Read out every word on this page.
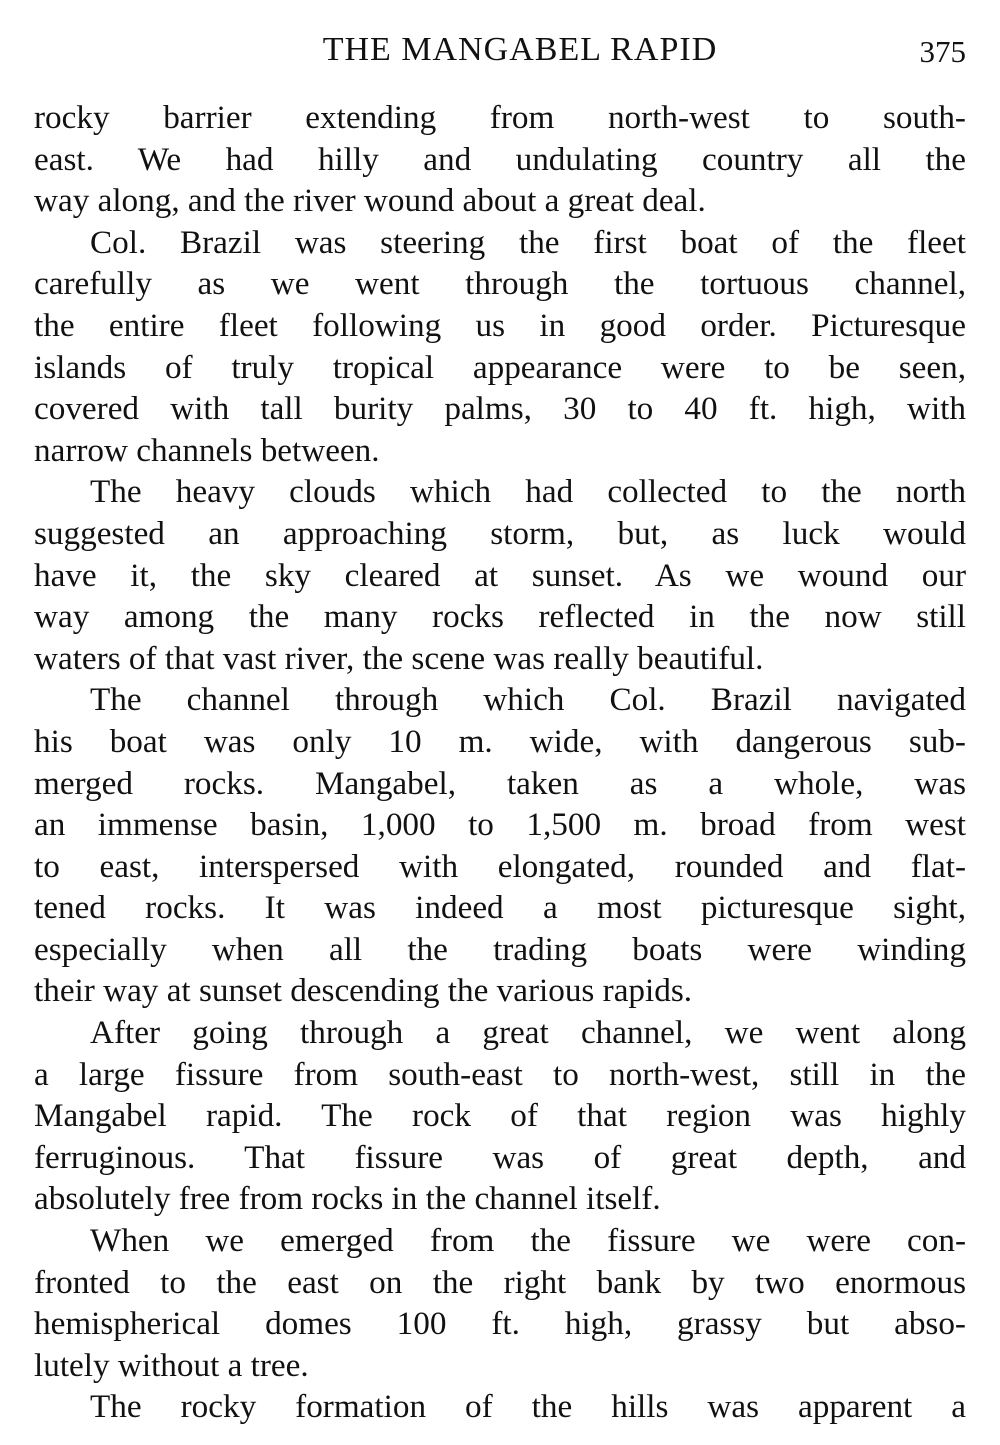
THE MANGABEL RAPID	375

rocky barrier extending from north-west to south-
east. We had hilly and undulating country all the
way along, and the river wound about a great deal.

Col. Brazil was steering the first boat of the fleet
carefully as we went through the tortuous channel,
the entire fleet following us in good order. Picturesque
islands of truly tropical appearance were to be seen,
covered with tall burity palms, 30 to 40 ft. high, with
narrow channels between.

The heavy clouds which had collected to the north
suggested an approaching storm, but, as luck would
have it, the sky cleared at sunset. As we wound our
way among the many rocks reflected in the now still
waters of that vast river, the scene was really beautiful.

The channel through which Col. Brazil navigated
his boat was only 10 m. wide, with dangerous sub-
merged rocks. Mangabel, taken as a whole, was
an immense basin, 1,000 to 1,500 m. broad from west
to east, interspersed with elongated, rounded and flat-
tened rocks. It was indeed a most picturesque sight,
especially when all the trading boats were winding
their way at sunset descending the various rapids.

After going through a great channel, we went along
a large fissure from south-east to north-west, still in the
Mangabel rapid. The rock of that region was highly
ferruginous. That fissure was of great depth, and
absolutely free from rocks in the channel itself.

When we emerged from the fissure we were con-
fronted to the east on the right bank by two enormous
hemispherical domes 100 ft. high, grassy but abso-
lutely without a tree.

The rocky formation of the hills was apparent a
